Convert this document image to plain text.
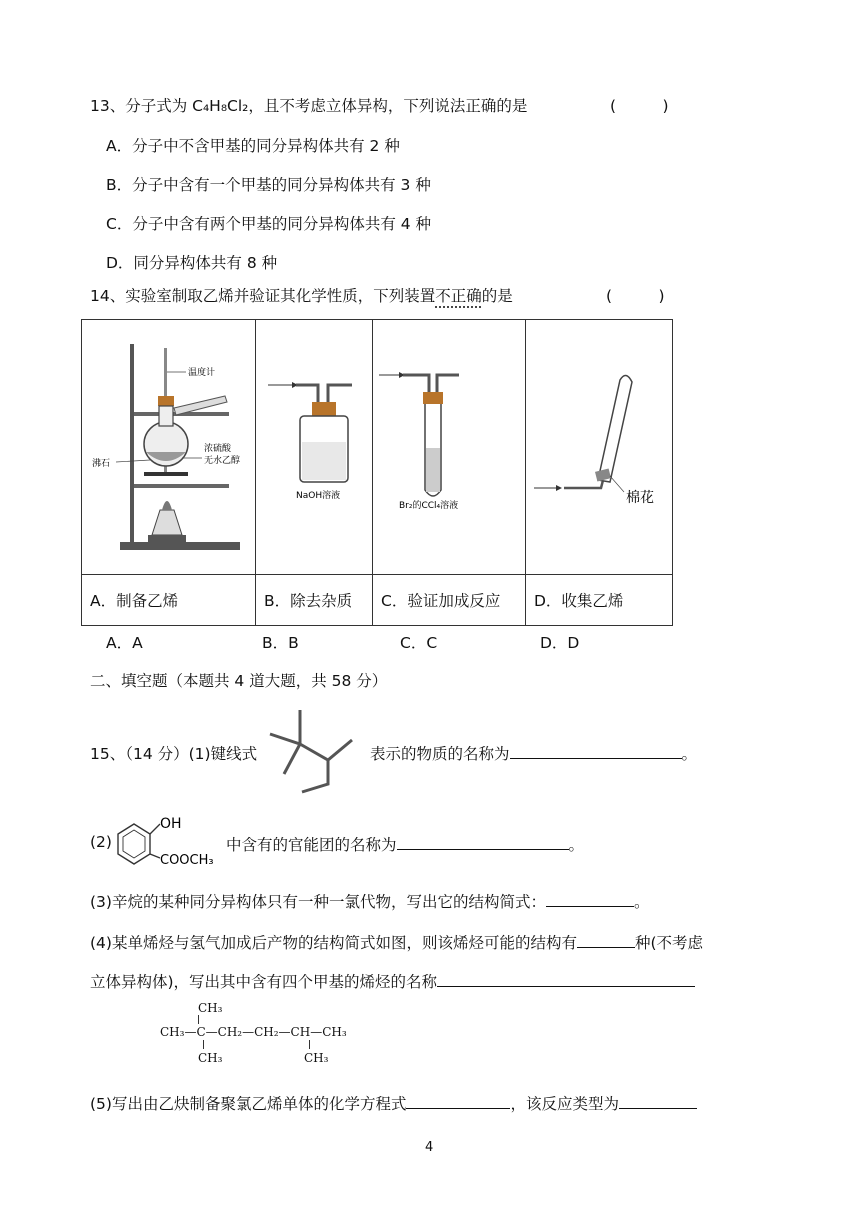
13、分子式为 C₄H₈Cl₂，且不考虑立体异构，下列说法正确的是	(　　　)
A．分子中不含甲基的同分异构体共有 2 种
B．分子中含有一个甲基的同分异构体共有 3 种
C．分子中含有两个甲基的同分异构体共有 4 种
D．同分异构体共有 8 种
14、实验室制取乙烯并验证其化学性质，下列装置不正确的是	(　　　)
温度计
浓硫酸
无水乙醇
沸石	NaOH溶液	Br₂的CCl₄溶液	棉花

A．制备乙烯	B．除去杂质	C．验证加成反应	D．收集乙烯
A．A	B．B	C．C	D．D
二、填空题（本题共 4 道大题，共 58 分）
15、（14 分）(1)键线式	表示的物质的名称为	。
(2)
OH
COOCH₃
中含有的官能团的名称为	。
(3)辛烷的某种同分异构体只有一种一氯代物，写出它的结构简式：	。
(4)某单烯烃与氢气加成后产物的结构简式如图，则该烯烃可能的结构有	种(不考虑
立体异构体)，写出其中含有四个甲基的烯烃的名称
CH₃
CH₃—C—CH₂—CH₂—CH—CH₃
CH₃	CH₃
(5)写出由乙炔制备聚氯乙烯单体的化学方程式	，该反应类型为
4
